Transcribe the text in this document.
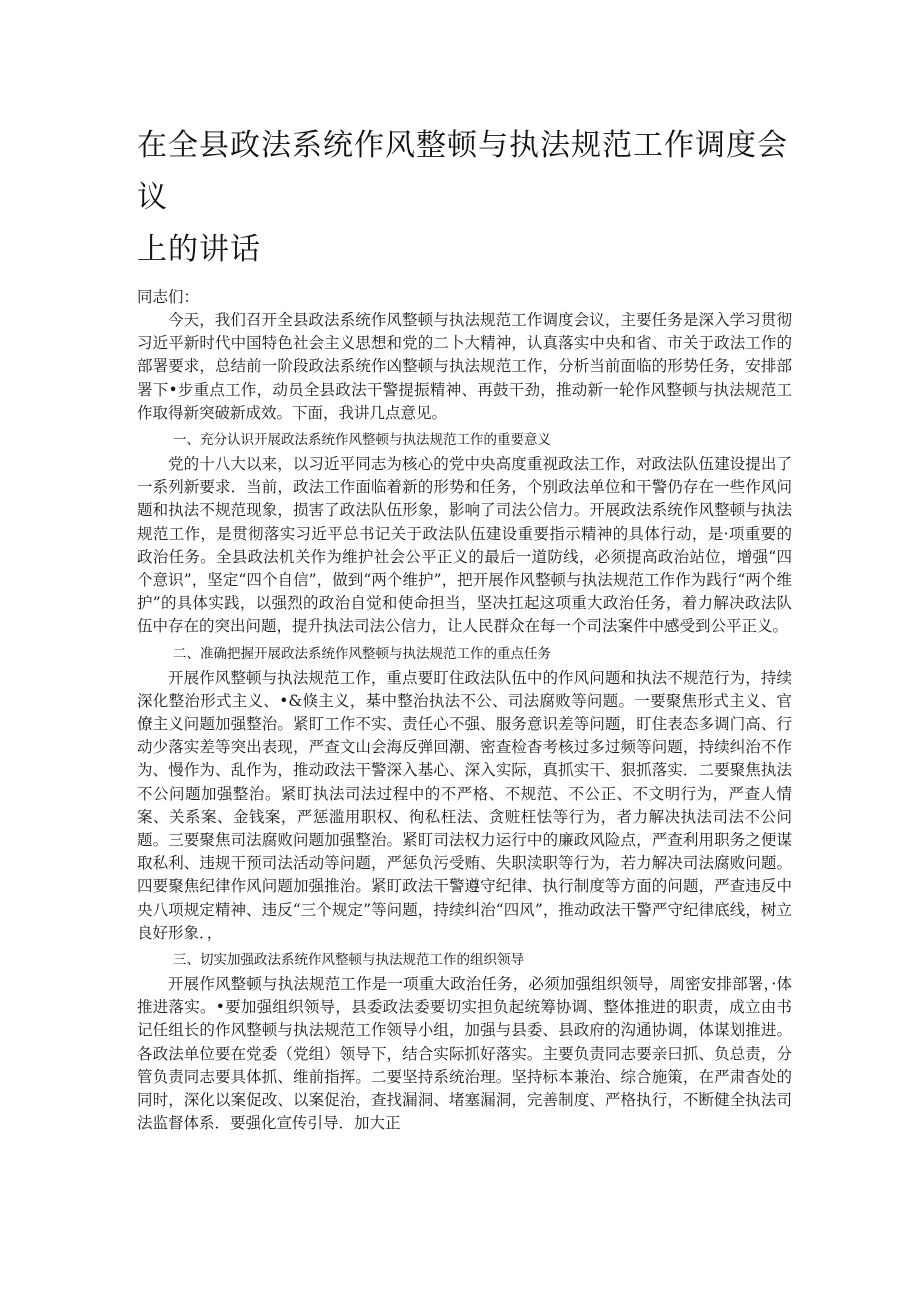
在全县政法系统作风整顿与执法规范工作调度会议
上的讲话

同志们：

今天，我们召开全县政法系统作风整顿与执法规范工作调度会议，主要任务是深入学习贯彻习近平新时代中国特色社会主义思想和党的二卜大精神，认真落实中央和省、市关于政法工作的部署要求，总结前一阶段政法系统作凶整顿与执法规范工作，分析当前面临的形势任务，安排部署下•步重点工作，动员全县政法干警提振精神、再鼓干劲，推动新一轮作风整顿与执法规范工作取得新突破新成效。下面，我讲几点意见。

一、充分认识开展政法系统作风整顿与执法规范工作的重要意义

党的十八大以来，以习近平同志为核心的党中央高度重视政法工作，对政法队伍建设提出了一系列新要求．当前，政法工作面临着新的形势和任务，个别政法单位和干警仍存在一些作风问题和执法不规范现象，损害了政法队伍形象，影响了司法公信力。开展政法系统作风整顿与执法规范工作，是贯彻落实习近平总书记关于政法队伍建设重要指示精神的具体行动，是·项重要的政治任务。全县政法机关作为维护社会公平正义的最后一道防线，必须提高政治站位，增强“四个意识”，坚定“四个自信”，做到“两个维护”，把开展作风整顿与执法规范工作作为践行“两个维护”的具体实践，以强烈的政治自觉和使命担当，坚决扛起这项重大政治任务，着力解决政法队伍中存在的突出问题，提升执法司法公信力，让人民群众在每一个司法案件中感受到公平正义。

二、准确把握开展政法系统作风整顿与执法规范工作的重点任务

开展作风整顿与执法规范工作，重点要盯住政法队伍中的作风问题和执法不规范行为，持续深化整治形式主义、•&倏主义，棊中整治执法不公、司法腐败等问题。一要聚焦形式主义、官僚主义问题加强整治。紧盯工作不实、责任心不强、服务意识差等问题，盯住表态多调门高、行动少落实差等突出表现，严查文山会海反弹回潮、密查检杳考核过多过频等问题，持续纠治不作为、慢作为、乱作为，推动政法干警深入基心、深入实际，真抓实干、狠抓落实．二要聚焦执法不公问题加强整治。紧盯执法司法过程中的不严格、不规范、不公正、不文明行为，严查人情案、关系案、金钱案，严惩滥用职权、徇私枉法、贪赃枉怯等行为，者力解决执法司法不公问题。三要聚焦司法腐败问题加强整治。紧盯司法权力运行中的廉政风险点，严查利用职务之便谋取私利、违规干预司法活动等问题，严惩负污受贿、失职渎职等行为，若力解决司法腐败问题。四要聚焦纪律作风问题加强推治。紧盯政法干警遵守纪律、执行制度等方面的问题，严查违反中央八项规定精神、违反“三个规定”等问题，持续纠治“四风”，推动政法干警严守纪律底线，树立良好形象．，

三、切实加强政法系统作风整顿与执法规范工作的组织领导

开展作风整顿与执法规范工作是一项重大政治任务，必须加强组织领导，周密安排部署，·体推进落实。•要加强组织领导，县委政法委要切实担负起统筹协调、整体推进的职责，成立由书记任组长的作风整顿与执法规范工作领导小组，加强与县委、县政府的沟通协调，体谋划推进。各政法单位要在党委（党组）领导下，结合实际抓好落实。主要负责同志要亲曰抓、负总责，分管负责同志要具体抓、维前指挥。二要坚持系统治理。坚持标本兼治、综合施策，在严肃杳处的同时，深化以案促改、以案促治，查找漏洞、堵塞漏洞，完善制度、严格执行，不断健全执法司法监督体系．要强化宣传引导．加大正
